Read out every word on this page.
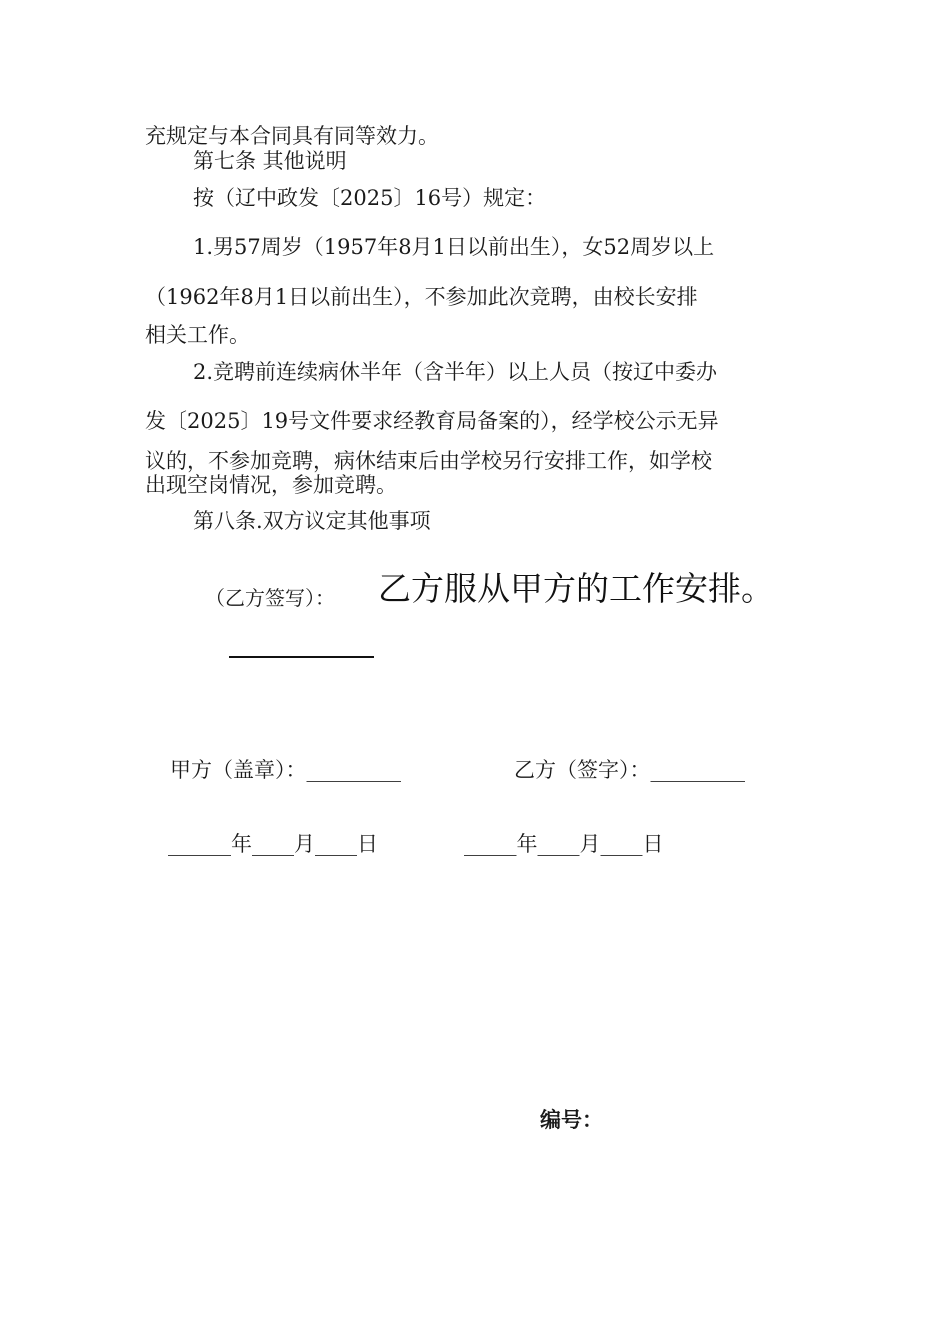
充规定与本合同具有同等效力。
第七条 其他说明
按（辽中政发〔2025〕16号）规定：
1.男57周岁（1957年8月1日以前出生），女52周岁以上
（1962年8月1日以前出生），不参加此次竞聘，由校长安排
相关工作。
2.竞聘前连续病休半年（含半年）以上人员（按辽中委办
发〔2025〕19号文件要求经教育局备案的），经学校公示无异
议的，不参加竞聘，病休结束后由学校另行安排工作，如学校
出现空岗情况，参加竞聘。
第八条.双方议定其他事项
（乙方签写）： 乙方服从甲方的工作安排。
甲方（盖章）：_________	乙方（签字）：_________
______年____月____日	_____年____月____日
编号：
